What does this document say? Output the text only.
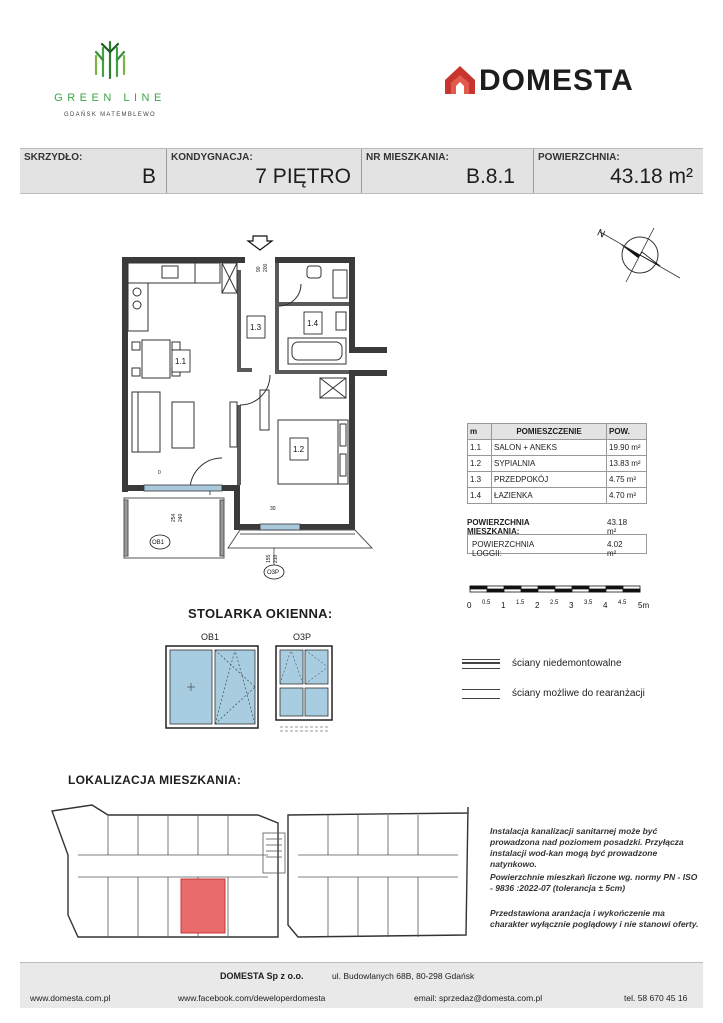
GREEN LINE
GDAŃSK MATEMBLEWO
DOMESTA
SKRZYDŁO:
B
KONDYGNACJA:
7 PIĘTRO
NR MIESZKANIA:
B.8.1
POWIERZCHNIA:
43.18 m²
N
1.1
1.2
1.3	1.4
OB1
O3P
254 240
0
30
155 210
90 200
m	POMIESZCZENIE	POW.
1.1	SALON + ANEKS	19.90 m²
1.2	SYPIALNIA	13.83 m²
1.3	PRZEDPOKÓJ	4.75 m²
1.4	ŁAZIENKA	4.70 m²
POWIERZCHNIA MIESZKANIA:
43.18 m²
POWIERZCHNIA LOGGII:
4.02 m²
0 0.5 1 1.5 2 2.5 3 3.5 4 4.5 5m
ściany niedemontowalne
ściany możliwe do rearanżacji
STOLARKA OKIENNA:
OB1	O3P
LOKALIZACJA MIESZKANIA:
Instalacja kanalizacji sanitarnej może być prowadzona nad poziomem posadzki. Przyłącza instalacji wod-kan mogą być prowadzone natynkowo.
Powierzchnie mieszkań liczone wg. normy PN - ISO - 9836 :2022-07 (tolerancja ± 5cm)
Przedstawiona aranżacja i wykończenie ma charakter wyłącznie poglądowy i nie stanowi oferty.
DOMESTA Sp z o.o.	ul. Budowlanych 68B, 80-298 Gdańsk
www.domesta.com.pl	www.facebook.com/deweloperdomesta	email: sprzedaz@domesta.com.pl	tel. 58 670 45 16
